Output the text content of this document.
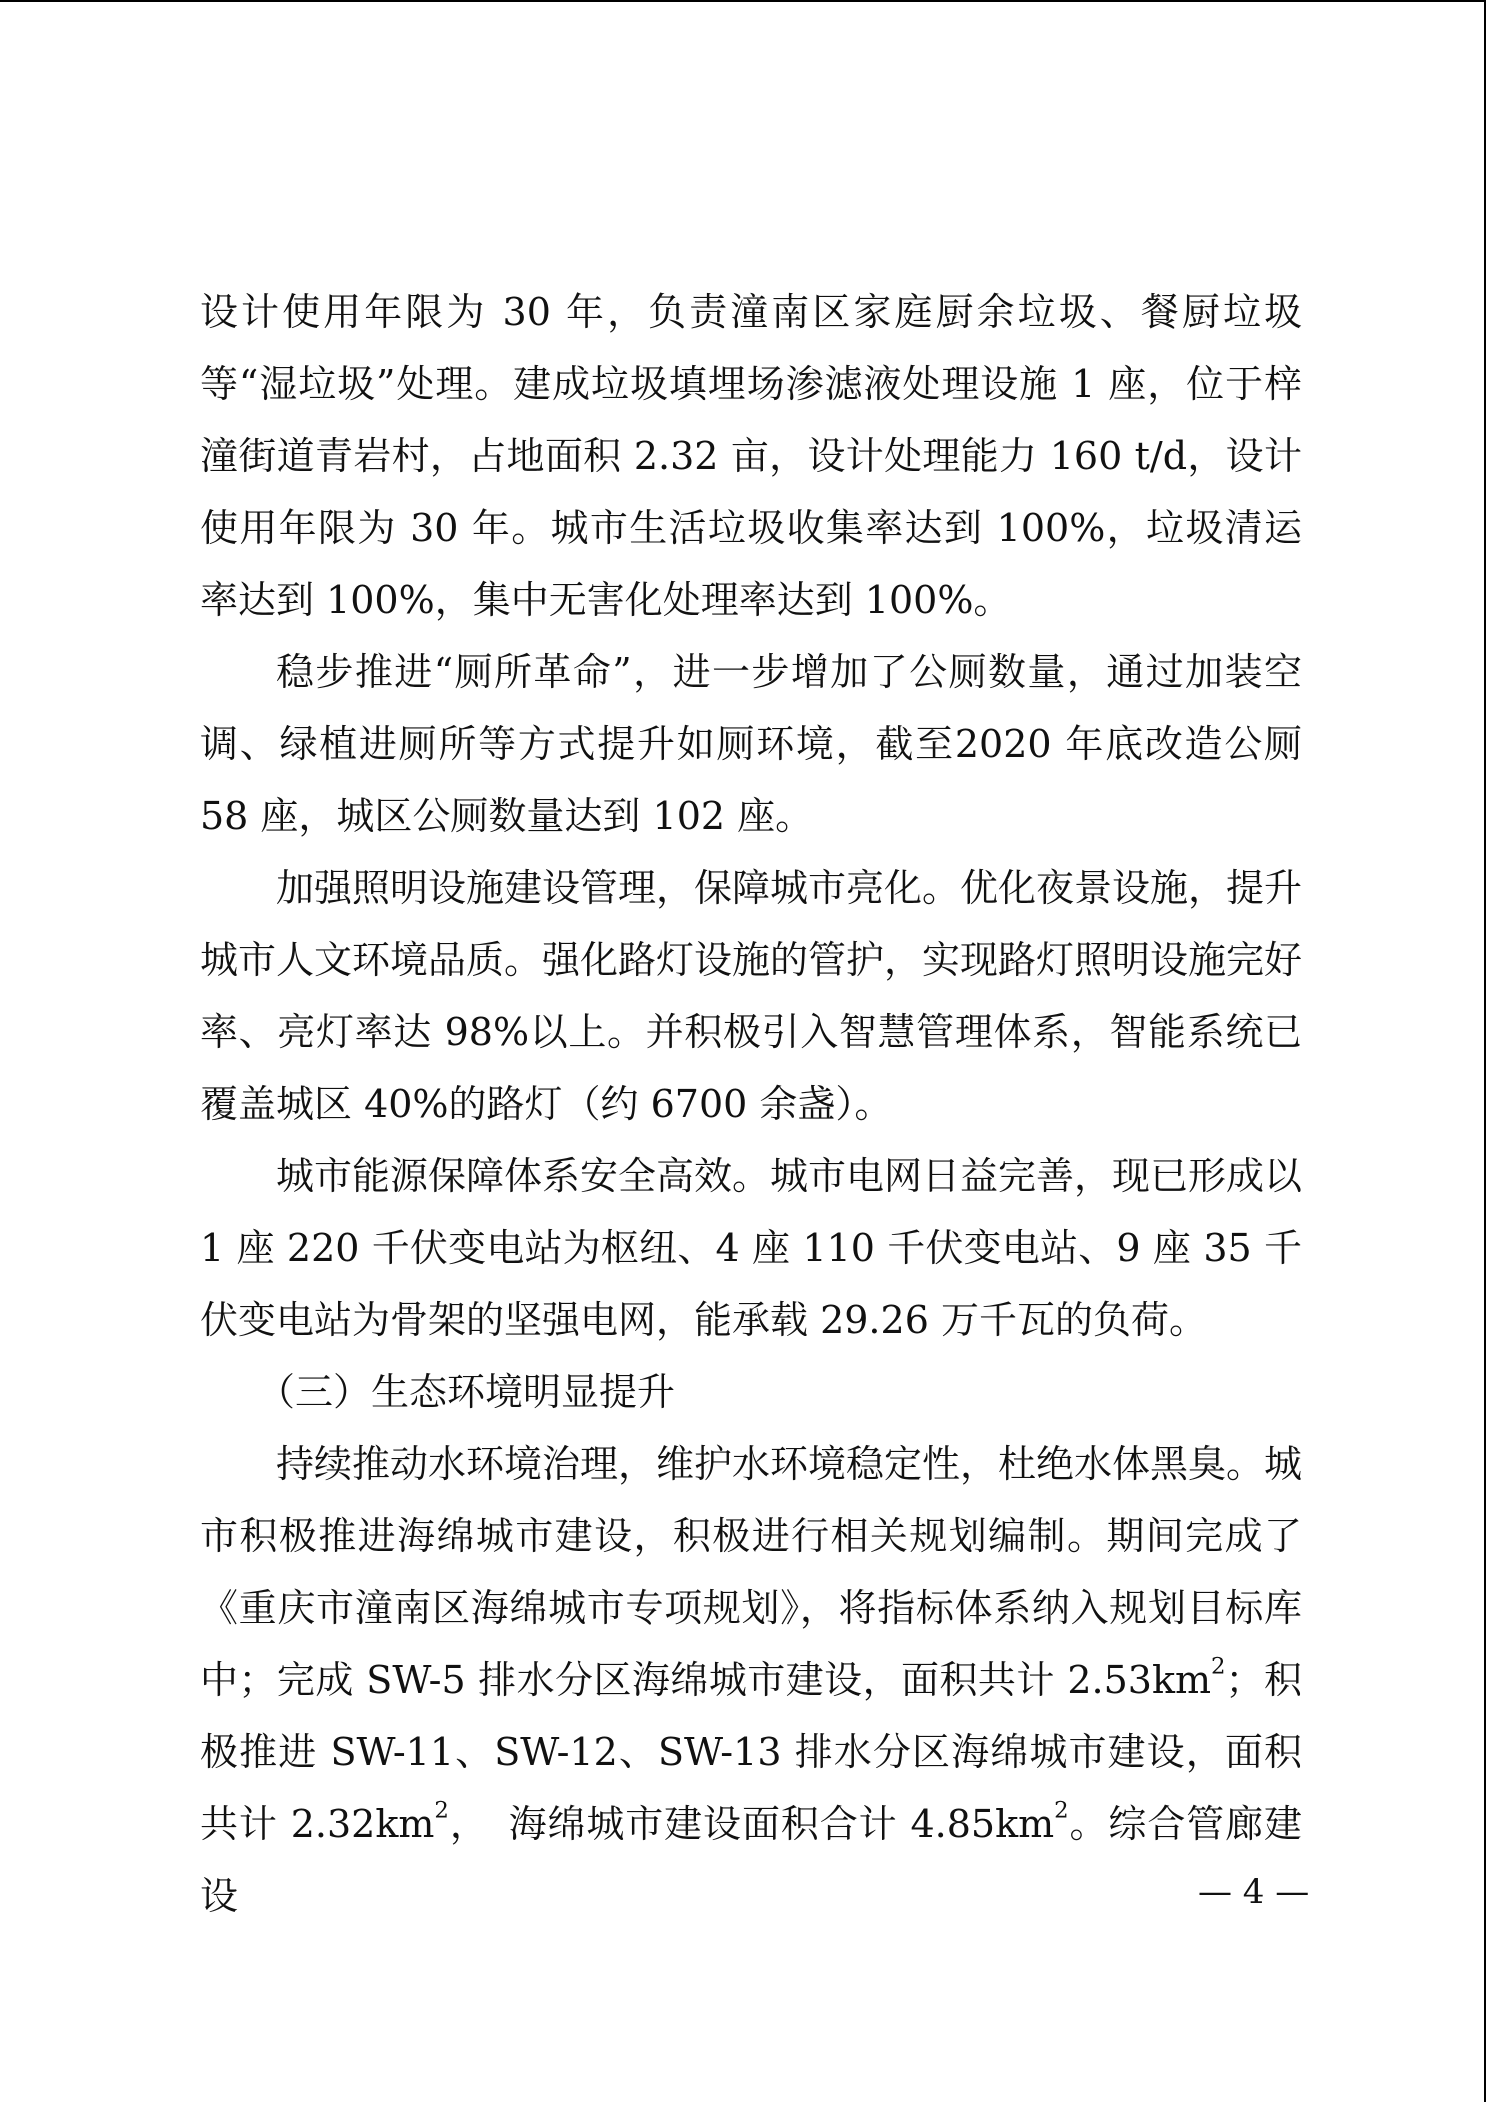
设计使用年限为 30 年，负责潼南区家庭厨余垃圾、餐厨垃圾等“湿垃圾”处理。建成垃圾填埋场渗滤液处理设施 1 座，位于梓潼街道青岩村，占地面积 2.32 亩，设计处理能力 160 t/d，设计使用年限为 30 年。城市生活垃圾收集率达到 100%，垃圾清运率达到 100%，集中无害化处理率达到 100%。

稳步推进“厕所革命”，进一步增加了公厕数量，通过加装空调、绿植进厕所等方式提升如厕环境，截至2020 年底改造公厕 58 座，城区公厕数量达到 102 座。

加强照明设施建设管理，保障城市亮化。优化夜景设施，提升城市人文环境品质。强化路灯设施的管护，实现路灯照明设施完好率、亮灯率达 98%以上。并积极引入智慧管理体系，智能系统已覆盖城区 40%的路灯（约 6700 余盏）。

城市能源保障体系安全高效。城市电网日益完善，现已形成以 1 座 220 千伏变电站为枢纽、4 座 110 千伏变电站、9 座 35 千伏变电站为骨架的坚强电网，能承载 29.26 万千瓦的负荷。

（三）生态环境明显提升

持续推动水环境治理，维护水环境稳定性，杜绝水体黑臭。城市积极推进海绵城市建设，积极进行相关规划编制。期间完成了《重庆市潼南区海绵城市专项规划》，将指标体系纳入规划目标库中；完成 SW-5 排水分区海绵城市建设，面积共计 $2.53km^2$；积极推进 SW-11、SW-12、SW-13 排水分区海绵城市建设，面积共计 $2.32km^2$，　海绵城市建设面积合计 $4.85km^2$。综合管廊建设	— 4 —
